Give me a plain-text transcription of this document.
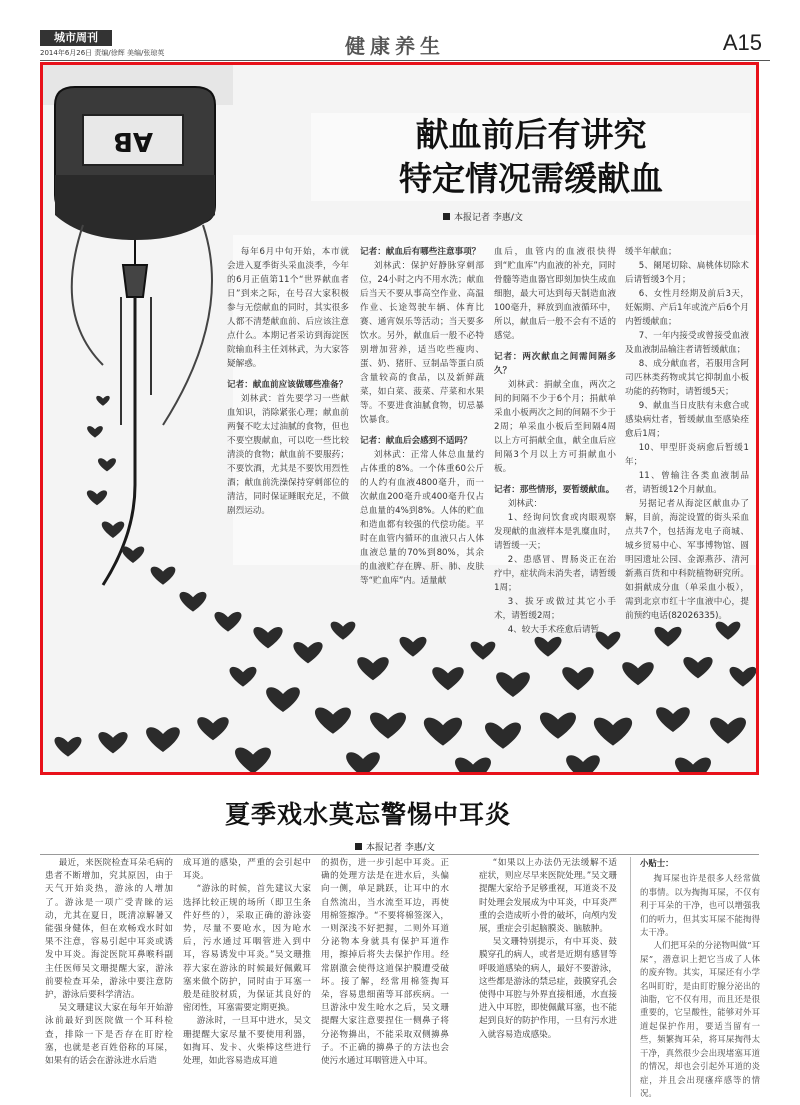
城市周刊
2014年6月26日 责编/徐辉 美编/张琼英	健康养生	A15
AB	献血前后有讲究
特定情况需缓献血
本报记者 李惠/文

每年6月中旬开始，本市就会进入夏季街头采血淡季，今年的6月正值第11个“世界献血者日”到来之际，在号召大家积极参与无偿献血的同时，其实很多人都不清楚献血前、后应该注意点什么。本期记者采访到海淀医院输血科主任刘林武，为大家答疑解惑。

记者：献血前应该做哪些准备？

刘林武：首先要学习一些献血知识，消除紧张心理；献血前两餐不吃太过油腻的食物，但也不要空腹献血，可以吃一些比较清淡的食物；献血前不要服药；不要饮酒，尤其是不要饮用烈性酒；献血前洗澡保持穿刺部位的清洁，同时保证睡眠充足，不做剧烈运动。

记者：献血后有哪些注意事项？

刘林武：保护好静脉穿刺部位，24小时之内不用水洗；献血后当天不要从事高空作业、高温作业、长途驾驶车辆、体育比赛、通宵娱乐等活动；当天要多饮水。另外，献血后一般不必特别增加营养，适当吃些瘦肉、蛋、奶、猪肝、豆制品等蛋白质含量较高的食品，以及新鲜蔬菜，如白菜、菠菜、芹菜和水果等。不要进食油腻食物，切忌暴饮暴食。

记者：献血后会感到不适吗？

刘林武：正常人体总血量约占体重的8%。一个体重60公斤的人约有血液4800毫升，而一次献血200毫升或400毫升仅占总血量的4%到8%。人体的贮血和造血都有较强的代偿功能。平时在血管内循环的血液只占人体血液总量的70%到80%，其余的血液贮存在脾、肝、肺、皮肤等“贮血库”内。适量献

血后，血管内的血液很快得到“贮血库”内血液的补充，同时骨髓等造血器官即刻加快生成血细胞，最大可达到每天制造血液100毫升，释放到血液循环中，所以，献血后一般不会有不适的感觉。

记者：两次献血之间需间隔多久？

刘林武：捐献全血，两次之间的间隔不少于6个月；捐献单采血小板两次之间的间隔不少于2周；单采血小板后至间隔4周以上方可捐献全血，献全血后应间隔3个月以上方可捐献血小板。

记者：那些情形，要暂缓献血。

刘林武：

1、经询问饮食或肉眼观察发现献的血液样本是乳糜血时，请暂缓一天；

2、患感冒、胃肠炎正在治疗中，症状尚未消失者，请暂缓1周；

3、拔牙或做过其它小手术，请暂缓2周；

4、较大手术痊愈后请暂

缓半年献血；

5、阑尾切除、扁桃体切除术后请暂缓3个月；

6、女性月经期及前后3天，妊娠期、产后1年或流产后6个月内暂缓献血；

7、一年内接受或曾接受血液及血液制品输注者请暂缓献血；

8、成分献血者，若服用含阿司匹林类药物或其它抑制血小板功能的药物时，请暂缓5天；

9、献血当日皮肤有未愈合或感染病灶者，暂缓献血至感染痊愈后1周；

10、甲型肝炎病愈后暂缓1年；

11、曾输注各类血液制品者，请暂缓12个月献血。

另据记者从海淀区献血办了解，目前，海淀设置的街头采血点共7个，包括海龙电子商城、城乡贸易中心、军事博物馆、圆明园遗址公园、金源燕莎、清河新燕百货和中科院植物研究所。如捐献成分血（单采血小板），需到北京市红十字血液中心，提前预约电话(82026335)。

夏季戏水莫忘警惕中耳炎
本报记者 李惠/文

最近，来医院检查耳朵毛病的患者不断增加，究其原因，由于天气开始炎热，游泳的人增加了。游泳是一项广受青睐的运动，尤其在夏日，既清凉解暑又能强身健体，但在欢畅戏水时如果不注意，容易引起中耳炎或诱发中耳炎。海淀医院耳鼻喉科副主任医师吴文珊提醒大家，游泳前要检查耳朵，游泳中要注意防护，游泳后要科学清洁。

吴文珊建议大家在每年开始游泳前最好到医院做一个耳科检查，排除一下是否存在盯貯栓塞，也就是老百姓俗称的耳屎，如果有的话会在游泳进水后造

成耳道的感染，严重的会引起中耳炎。

“游泳的时候，首先建议大家选择比较正规的场所（即卫生条件好些的），采取正确的游泳姿势，尽量不要呛水，因为呛水后，污水通过耳咽管进入到中耳，容易诱发中耳炎。”吴文珊推荐大家在游泳的时候最好佩戴耳塞来做个防护，同时由于耳塞一般是硅胶材质，为保证其良好的密闭性，耳塞需要定期更换。

游泳时，一旦耳中进水，吴文珊提醒大家尽量不要使用利器，如掏耳、发卡、火柴棒这些进行处理，如此容易造成耳道

的损伤，进一步引起中耳炎。正确的处理方法是在进水后，头偏向一侧，单足跳跃，让耳中的水自然流出，当水流至耳边，再使用棉签擦净。“不要将棉签深入，一则深浅不好把握，二则外耳道分泌物本身就具有保护耳道作用，擦掉后将失去保护作用。经常剧激会使得这道保护膜遭受破坏。接了解，经常用棉签掏耳朵，容易患细菌等耳部疾病。一旦游泳中发生呛水之后，吴文珊提醒大家注意要捏住一侧鼻子将分泌物擤出，不能采取双侧擤鼻子。不正确的擤鼻子的方法也会使污水通过耳咽管进入中耳。

“如果以上办法仍无法缓解不适症状，则应尽早来医院处理。”吴文珊提醒大家给予足够重视，耳道炎不及时处理会发展成为中耳炎，中耳炎严重的会造成听小骨的破坏，向颅内发展，重症会引起脑膜炎、脑脓肿。

吴文珊特别提示，有中耳炎、鼓膜穿孔的病人，或者是近期有感冒等呼吸道感染的病人，最好不要游泳，这些都是游泳的禁忌症，鼓膜穿孔会使得中耳腔与外界直接相通，水直接进入中耳腔，即使佩戴耳塞，也不能起到良好的防护作用，一旦有污水进入就容易造成感染。

小贴士：

掏耳屎也许是很多人经常做的事情。以为掏掏耳屎，不仅有利于耳朵的干净，也可以增强我们的听力，但其实耳屎不能掏得太干净。

人们把耳朵的分泌物叫做“耳屎”，潜意识上把它当成了人体的废弃物。其实，耳屎还有小学名叫盯貯，是由盯貯腺分泌出的油脂，它不仅有用，而且还是很重要的，它呈酸性，能够对外耳道起保护作用，要适当留有一些，频繁掏耳朵，将耳屎掏得太干净，真然很少会出现堵塞耳道的情况，却也会引起外耳道的炎症，并且会出现瘙痒感等的情况。
